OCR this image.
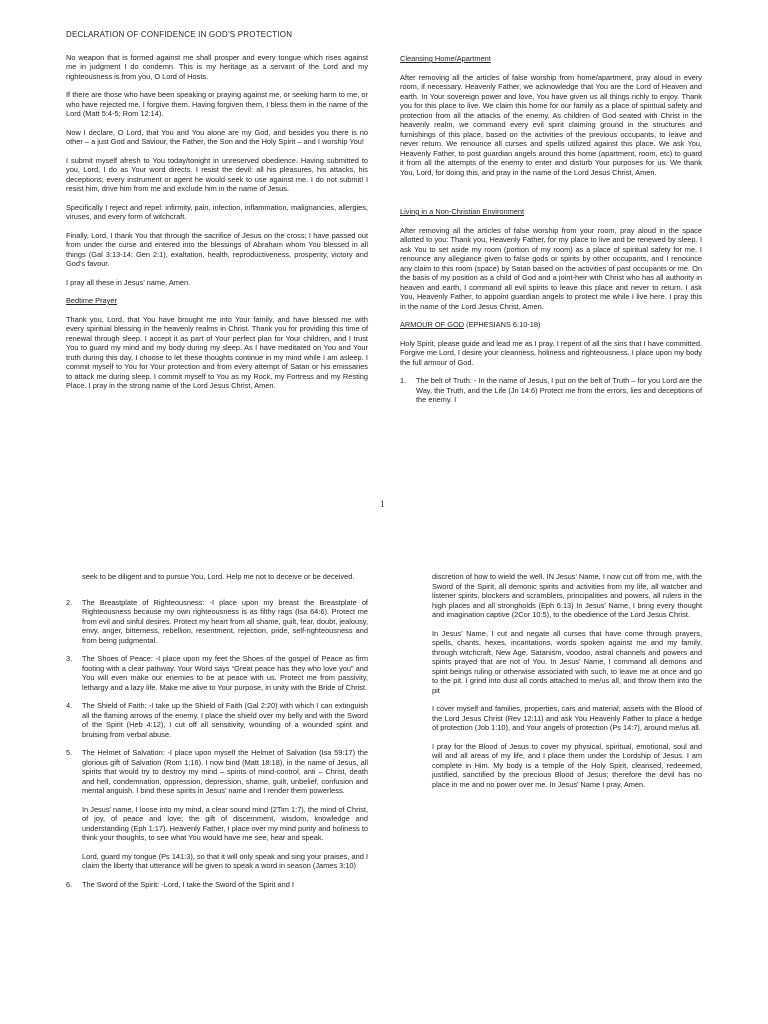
DECLARATION OF CONFIDENCE IN GOD’S PROTECTION

No weapon that is formed against me shall prosper and every tongue which rises against me in judgment I do condemn. This is my heritage as a servant of the Lord and my righteousness is from you, O Lord of Hosts.

If there are those who have been speaking or praying against me, or seeking harm to me, or who have rejected me, I forgive them. Having forgiven them, I bless them in the name of the Lord (Matt 5:4-5; Rom 12:14).

Now I declare, O Lord, that You and You alone are my God, and besides you there is no other – a just God and Saviour, the Father, the Son and the Holy Spirit – and I worship You!

I submit myself afresh to You today/tonight in unreserved obedience. Having submitted to you, Lord, I do as Your word directs. I resist the devil: all his pleasures, his attacks, his deceptions; every instrument or agent he would seek to use against me. I do not submit! I resist him, drive him from me and exclude him in the name of Jesus.

Specifically I reject and repel: infirmity, pain, infection, inflammation, malignancies, allergies, viruses, and every form of witchcraft.

Finally, Lord, I thank You that through the sacrifice of Jesus on the cross; I have passed out from under the curse and entered into the blessings of Abraham whom You blessed in all things (Gal 3:13-14: Gen 2:1), exaltation, health, reproductiveness, prosperity, victory and God’s favour.

I pray all these in Jesus’ name, Amen.

Bedtime Prayer

Thank you, Lord, that You have brought me into Your family, and have blessed me with every spiritual blessing in the heavenly realms in Christ. Thank you for providing this time of renewal through sleep. I accept it as part of Your perfect plan for Your children, and I trust You to guard my mind and my body during my sleep. As I have meditated on You and Your truth during this day, I choose to let these thoughts continue in my mind while I am asleep. I commit myself to You for Your protection and from every attempt of Satan or his emissaries to attack me during sleep. I commit myself to You as my Rock, my Fortress and my Resting Place. I pray in the strong name of the Lord Jesus Christ, Amen.

Cleansing Home/Apartment

After removing all the articles of false worship from home/apartment, pray aloud in every room, if necessary. Heavenly Father, we acknowledge that You are the Lord of Heaven and earth. In Your sovereign power and love, You have given us all things richly to enjoy. Thank you for this place to live. We claim this home for our family as a place of spiritual safety and protection from all the attacks of the enemy. As children of God seated with Christ in the heavenly realm, we command every evil spirit claiming ground in the structures and furnishings of this place, based on the activities of the previous occupants, to leave and never return. We renounce all curses and spells utilized against this place. We ask You, Heavenly Father, to post guardian angels around this home (apartment, room, etc) to guard it from all the attempts of the enemy to enter and disturb Your purposes for us. We thank You, Lord, for doing this, and pray in the name of the Lord Jesus Christ, Amen.

Living in a Non-Christian Environment

After removing all the articles of false worship from your room, pray aloud in the space allotted to you: Thank you, Heavenly Father, for my place to live and be renewed by sleep. I ask You to set aside my room (portion of my room) as a place of spiritual safety for me. I renounce any allegiance given to false gods or spirits by other occupants, and I renounce any claim to this room (space) by Satan based on the activities of past occupants or me. On the basis of my position as a child of God and a joint-heir with Christ who has all authority in heaven and earth, I command all evil spirits to leave this place and never to return. I ask You, Heavenly Father, to appoint guardian angels to protect me while I live here. I pray this in the name of the Lord Jesus Christ, Amen.

ARMOUR OF GOD (EPHESIANS 6:10-18)

Holy Spirit, please guide and lead me as I pray. I repent of all the sins that I have committed. Forgive me Lord, I desire your cleanness, holiness and righteousness. I place upon my body the full armour of God.

1. The belt of Truth: - In the name of Jesus, I put on the belt of Truth – for you Lord are the Way, the Truth, and the Life (Jn 14:6) Protect me from the errors, lies and deceptions of the enemy. I
1

seek to be diligent and to pursue You, Lord. Help me not to deceive or be deceived.

2. The Breastplate of Righteousness: -I place upon my breast the Breastplate of Righteousness because my own righteousness is as filthy rags (Isa 64:6). Protect me from evil and sinful desires. Protect my heart from all shame, guilt, fear, doubt, jealousy, envy, anger, bitterness, rebellion, resentment, rejection, pride, self-righteousness and from being judgmental.
3. The Shoes of Peace: -I place upon my feet the Shoes of the gospel of Peace as firm footing with a clear pathway. Your Word says “Great peace has they who love you” and You will even make our enemies to be at peace with us. Protect me from passivity, lethargy and a lazy life. Make me alive to Your purpose, in unity with the Bride of Christ.
4. The Shield of Faith: -I take up the Shield of Faith (Gal 2:20) with which I can extinguish all the flaming arrows of the enemy. I place the shield over my belly and with the Sword of the Spirit (Heb 4:12), I cut off all sensitivity, wounding of a wounded spirit and bruising from verbal abuse.
5. The Helmet of Salvation: -I place upon myself the Helmet of Salvation (Isa 59:17) the glorious gift of Salvation (Rom 1:16). I now bind (Matt 18:18), in the name of Jesus, all spirits that would try to destroy my mind – spirits of mind-control, anti – Christ, death and hell, condemnation, oppression, depression, shame, guilt, unbelief, confusion and mental anguish. I bind these spirits in Jesus’ name and I render them powerless.

In Jesus’ name, I loose into my mind, a clear sound mind (2Tim 1:7), the mind of Christ, of joy, of peace and love; the gift of discernment, wisdom, knowledge and understanding (Eph 1:17). Heavenly Father, I place over my mind purity and holiness to think your thoughts, to see what You would have me see, hear and speak.

Lord, guard my tongue (Ps 141:3), so that it will only speak and sing your praises, and I claim the liberty that utterance will be given to speak a word in season (James 3:10)

6. The Sword of the Spirit: -Lord, I take the Sword of the Spirit and I

discretion of how to wield the well. IN Jesus’ Name, I now cut off from me, with the Sword of the Spirit, all demonic spirits and activities from my life, all watcher and listener spirits, blockers and scramblers, principalities and powers, all rulers in the high places and all strongholds (Eph 6:13) In Jesus’ Name, I bring every thought and imagination captive (2Cor 10:5), to the obedience of the Lord Jesus Christ.

In Jesus’ Name, I cut and negate all curses that have come through prayers, spells, chants, hexes, incantations, words spoken against me and my family, through witchcraft, New Age, Satanism, voodoo, astral channels and powers and spirits prayed that are not of You. In Jesus’ Name, I command all demons and spirit beings ruling or otherwise associated with such, to leave me at once and go to the pit. I grind into dust all cords attached to me/us all, and throw them into the pit

I cover myself and families, properties, cars and material; assets with the Blood of the Lord Jesus Christ (Rev 12:11) and ask You Heavenly Father to place a hedge of protection (Job 1:10), and Your angels of protection (Ps 14:7), around me/us all.

I pray for the Blood of Jesus to cover my physical, spiritual, emotional, soul and will and all areas of my life, and I place them under the Lordship of Jesus. I am complete in Him. My body is a temple of the Holy Spirit, cleansed, redeemed, justified, sanctified by the precious Blood of Jesus; therefore the devil has no place in me and no power over me. In Jesus’ Name I pray, Amen.
